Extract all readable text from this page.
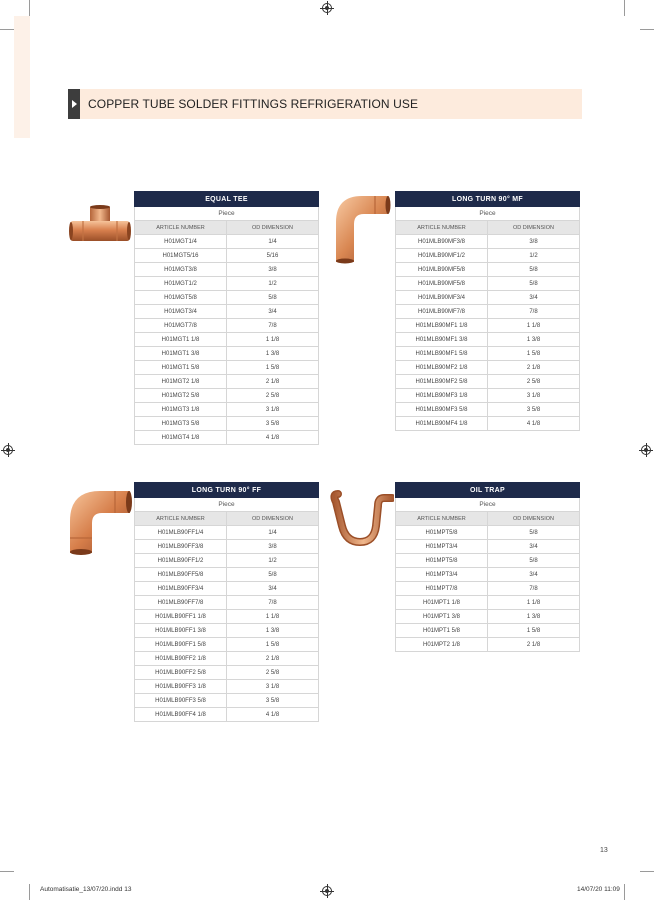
COPPER TUBE SOLDER FITTINGS REFRIGERATION USE
EQUAL TEE	
Piece	
ARTICLE NUMBER	OD DIMENSION
H01MGT1/4	1/4
H01MGT5/16	5/16
H01MGT3/8	3/8
H01MGT1/2	1/2
H01MGT5/8	5/8
H01MGT3/4	3/4
H01MGT7/8	7/8
H01MGT1 1/8	1 1/8
H01MGT1 3/8	1 3/8
H01MGT1 5/8	1 5/8
H01MGT2 1/8	2 1/8
H01MGT2 5/8	2 5/8
H01MGT3 1/8	3 1/8
H01MGT3 5/8	3 5/8
H01MGT4 1/8	4 1/8
LONG TURN 90° MF	
Piece	
ARTICLE NUMBER	OD DIMENSION
H01MLB90MF3/8	3/8
H01MLB90MF1/2	1/2
H01MLB90MF5/8	5/8
H01MLB90MF5/8	5/8
H01MLB90MF3/4	3/4
H01MLB90MF7/8	7/8
H01MLB90MF1 1/8	1 1/8
H01MLB90MF1 3/8	1 3/8
H01MLB90MF1 5/8	1 5/8
H01MLB90MF2 1/8	2 1/8
H01MLB90MF2 5/8	2 5/8
H01MLB90MF3 1/8	3 1/8
H01MLB90MF3 5/8	3 5/8
H01MLB90MF4 1/8	4 1/8
LONG TURN 90° FF	
Piece	
ARTICLE NUMBER	OD DIMENSION
H01MLB90FF1/4	1/4
H01MLB90FF3/8	3/8
H01MLB90FF1/2	1/2
H01MLB90FF5/8	5/8
H01MLB90FF3/4	3/4
H01MLB90FF7/8	7/8
H01MLB90FF1 1/8	1 1/8
H01MLB90FF1 3/8	1 3/8
H01MLB90FF1 5/8	1 5/8
H01MLB90FF2 1/8	2 1/8
H01MLB90FF2 5/8	2 5/8
H01MLB90FF3 1/8	3 1/8
H01MLB90FF3 5/8	3 5/8
H01MLB90FF4 1/8	4 1/8
OIL TRAP	
Piece	
ARTICLE NUMBER	OD DIMENSION
H01MPT5/8	5/8
H01MPT3/4	3/4
H01MPT5/8	5/8
H01MPT3/4	3/4
H01MPT7/8	7/8
H01MPT1 1/8	1 1/8
H01MPT1 3/8	1 3/8
H01MPT1 5/8	1 5/8
H01MPT2 1/8	2 1/8
13
Automatisatie_13/07/20.indd 13	14/07/20 11:09
